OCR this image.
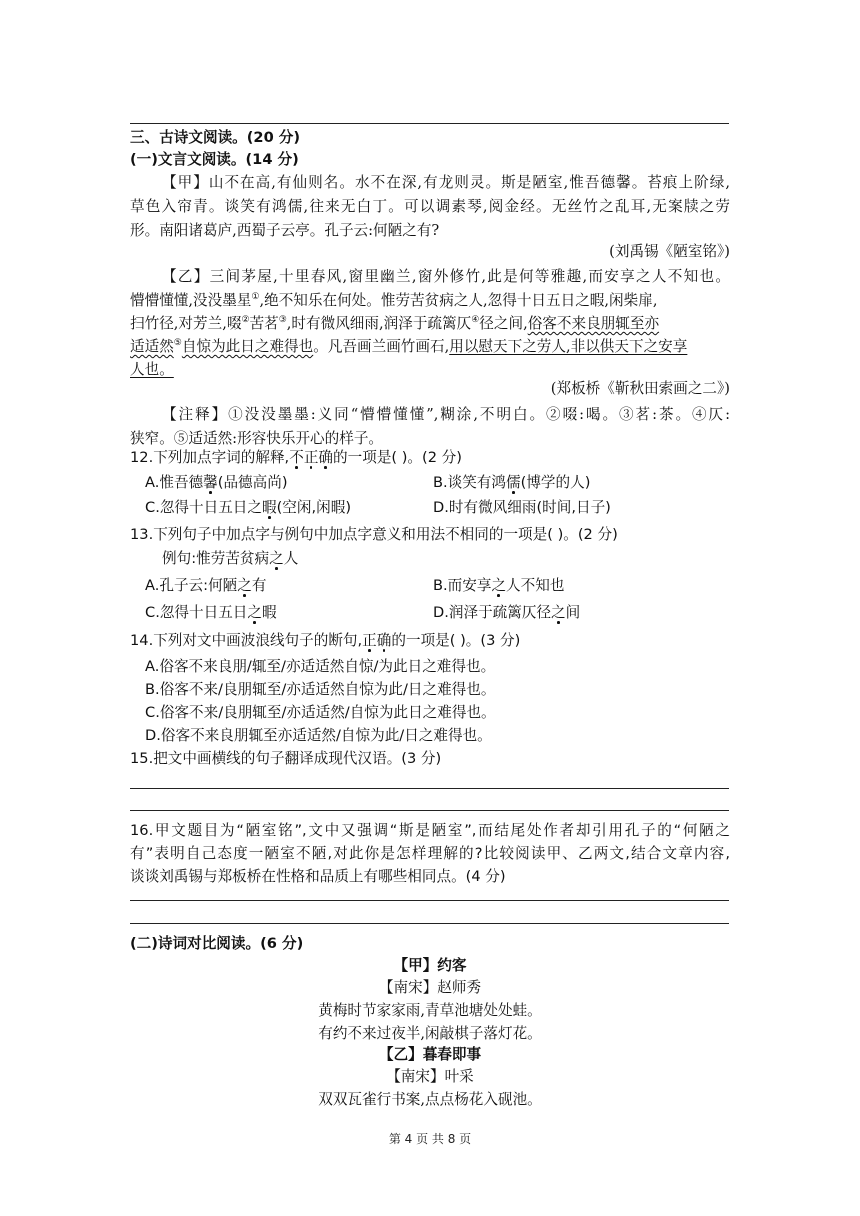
三、古诗文阅读。(20 分)
(一)文言文阅读。(14 分)
【甲】山不在高,有仙则名。水不在深,有龙则灵。斯是陋室,惟吾德馨。苔痕上阶绿,
草色入帘青。谈笑有鸿儒,往来无白丁。可以调素琴,阅金经。无丝竹之乱耳,无案牍之劳
形。南阳诸葛庐,西蜀子云亭。孔子云:何陋之有?
(刘禹锡《陋室铭》)
【乙】三间茅屋,十里春风,窗里幽兰,窗外修竹,此是何等雅趣,而安享之人不知也。
懵懵懂懂,没没墨星①,绝不知乐在何处。惟劳苦贫病之人,忽得十日五日之暇,闲柴扉,
扫竹径,对芳兰,啜②苦茗③,时有微风细雨,润泽于疏篱仄④径之间,俗客不来良朋辄至亦
适适然⑤自惊为此日之难得也。凡吾画兰画竹画石,用以慰天下之劳人,非以供天下之安享
人也。
(郑板桥《靳秋田索画之二》)
【注释】①没没墨墨:义同“懵懵懂懂”,糊涂,不明白。②啜:喝。③茗:茶。④仄:
狭窄。⑤适适然:形容快乐开心的样子。
12.下列加点字词的解释,不正确的一项是( )。(2 分)
A.惟吾德馨(品德高尚)	B.谈笑有鸿儒(博学的人)
C.忽得十日五日之暇(空闲,闲暇)	D.时有微风细雨(时间,日子)
13.下列句子中加点字与例句中加点字意义和用法不相同的一项是( )。(2 分)
例句:惟劳苦贫病之人
A.孔子云:何陋之有	B.而安享之人不知也
C.忽得十日五日之暇	D.润泽于疏篱仄径之间
14.下列对文中画波浪线句子的断句,正确的一项是( )。(3 分)
A.俗客不来良朋/辄至/亦适适然自惊/为此日之难得也。
B.俗客不来/良朋辄至/亦适适然自惊为此/日之难得也。
C.俗客不来/良朋辄至/亦适适然/自惊为此日之难得也。
D.俗客不来良朋辄至亦适适然/自惊为此/日之难得也。
15.把文中画横线的句子翻译成现代汉语。(3 分)
16.甲文题目为“陋室铭”,文中又强调“斯是陋室”,而结尾处作者却引用孔子的“何陋之
有”表明自己态度一陋室不陋,对此你是怎样理解的?比较阅读甲、乙两文,结合文章内容,
谈谈刘禹锡与郑板桥在性格和品质上有哪些相同点。(4 分)
(二)诗词对比阅读。(6 分)
【甲】约客
【南宋】赵师秀
黄梅时节家家雨,青草池塘处处蛙。
有约不来过夜半,闲敲棋子落灯花。
【乙】暮春即事
【南宋】叶采
双双瓦雀行书案,点点杨花入砚池。
第 4 页 共 8 页
